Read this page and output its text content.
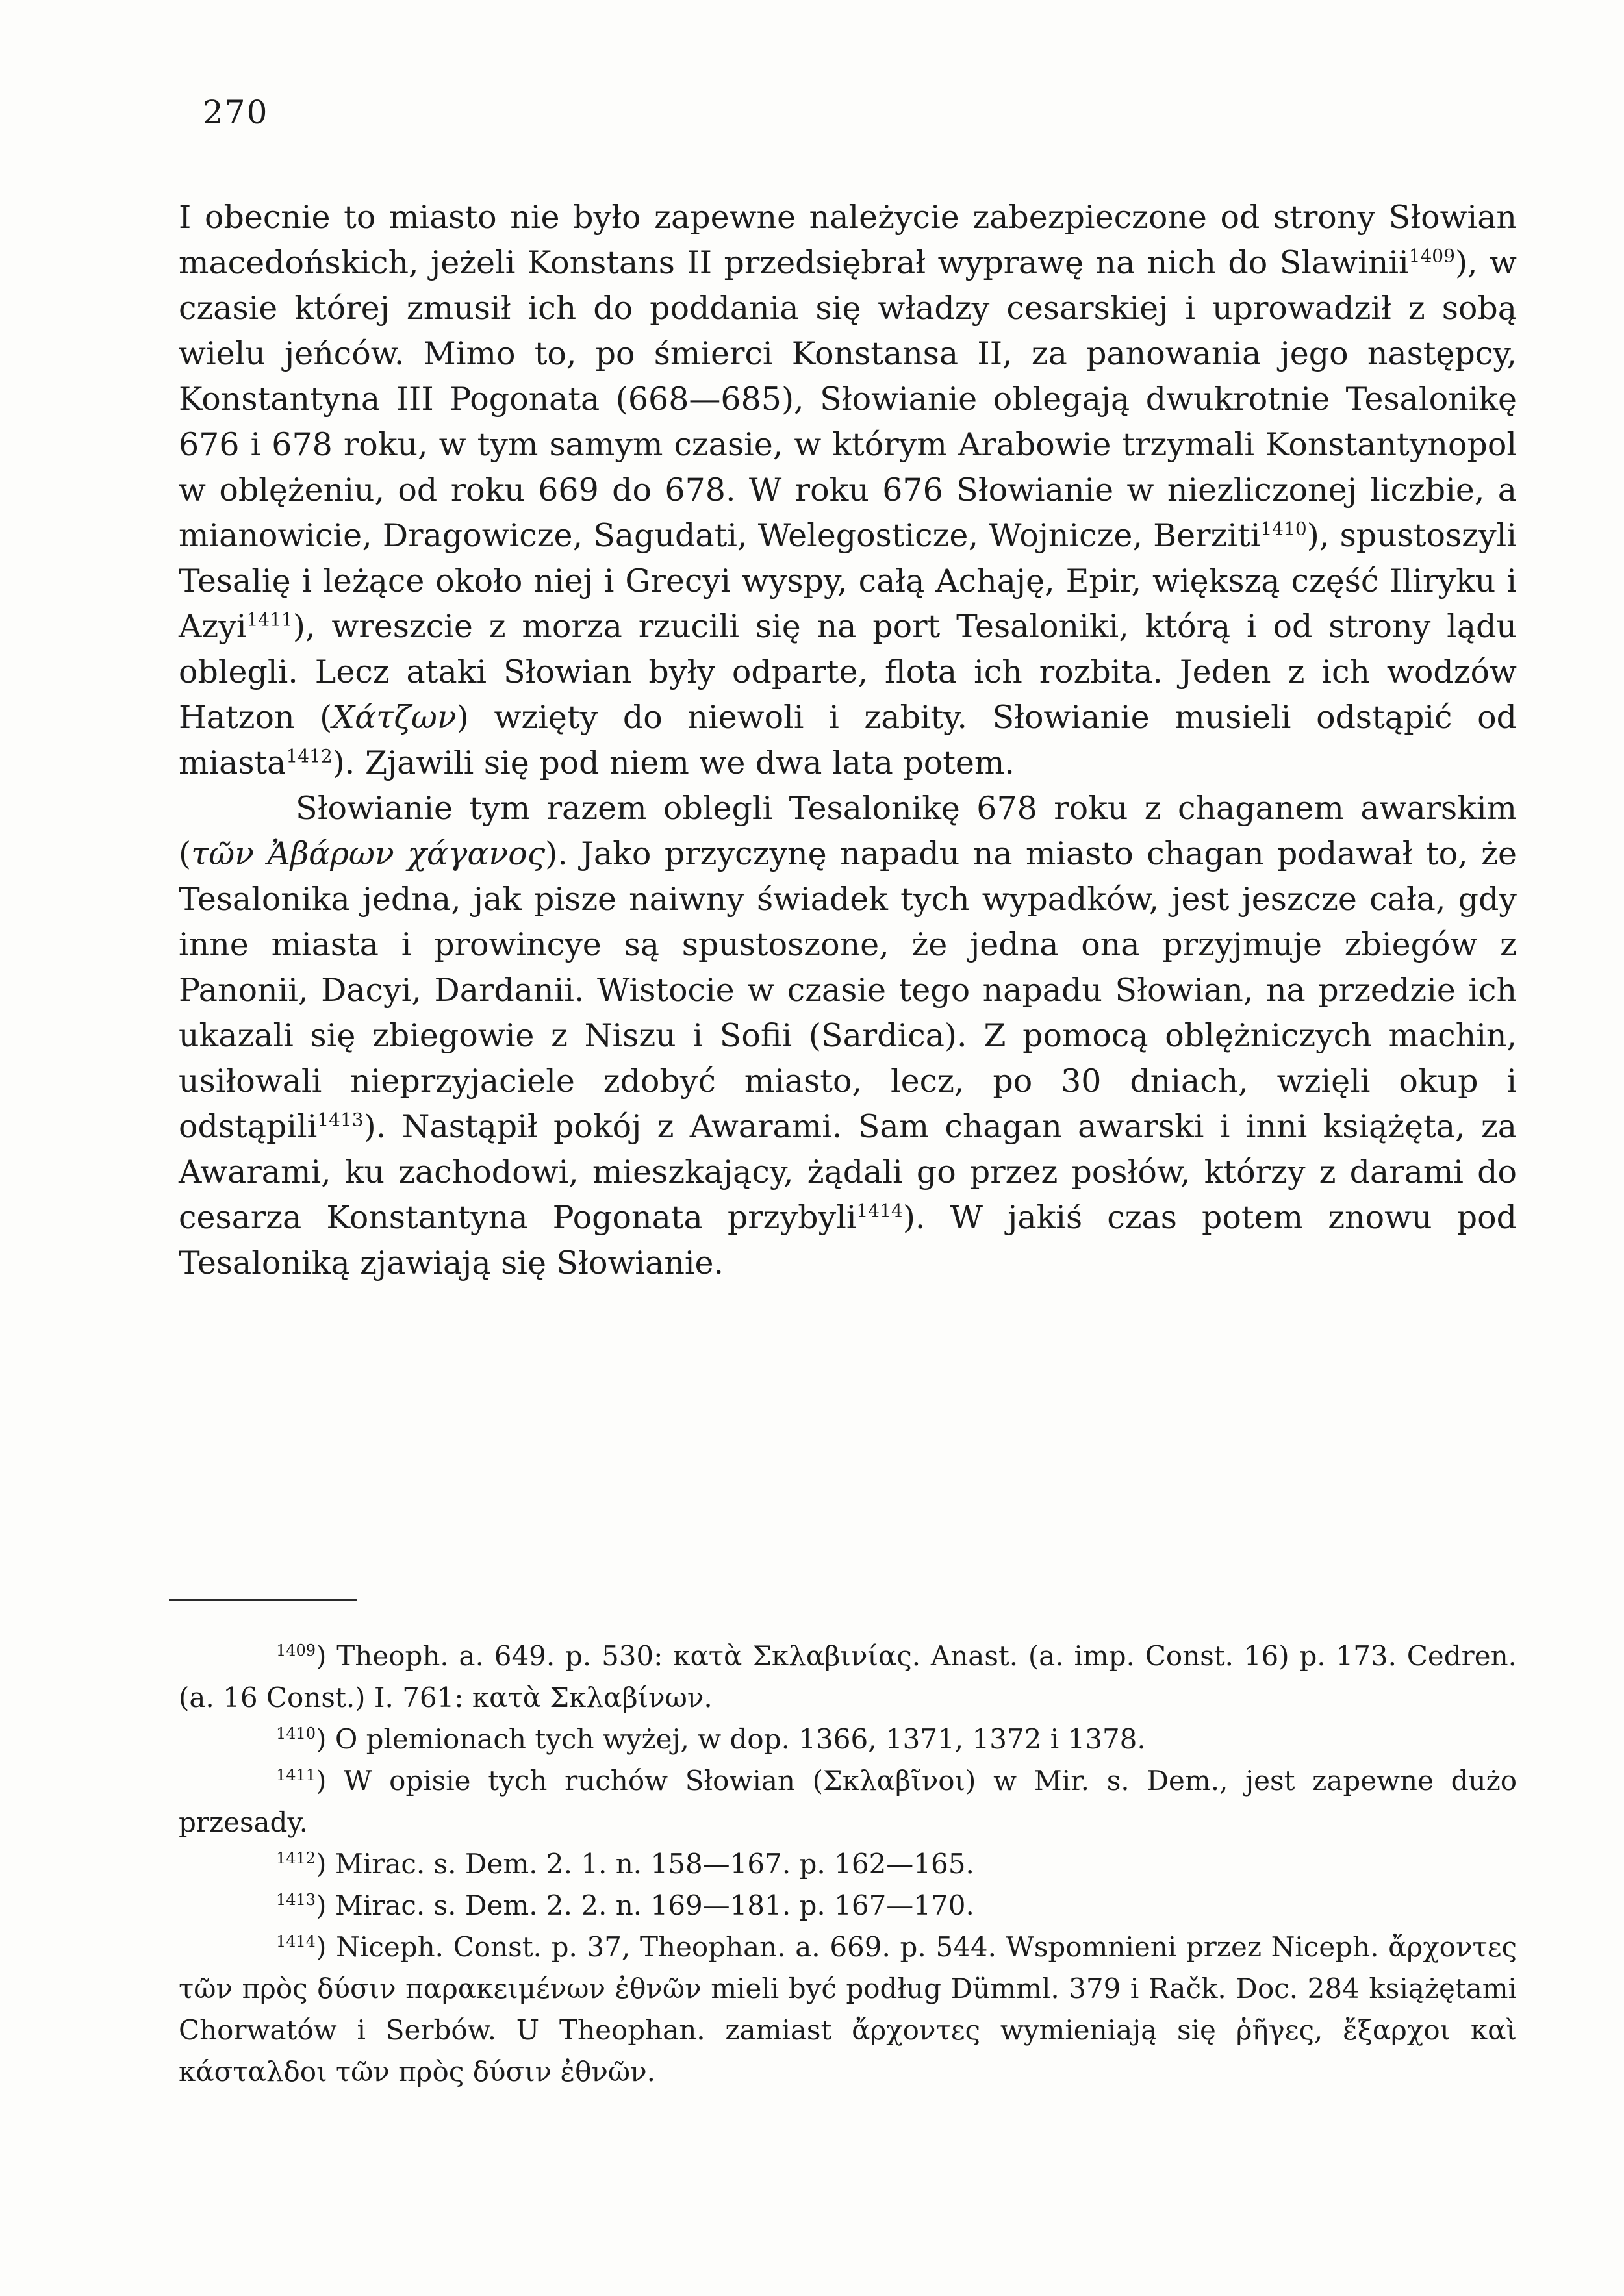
270

I obecnie to miasto nie było zapewne należycie zabezpieczone od strony Słowian macedońskich, jeżeli Konstans II przedsiębrał wyprawę na nich do Slawinii$^{1409}$), w czasie której zmusił ich do poddania się władzy cesarskiej i uprowadził z sobą wielu jeńców. Mimo to, po śmierci Konstansa II, za panowania jego następcy, Konstantyna III Pogonata (668—685), Słowianie oblegają dwukrotnie Tesalonikę 676 i 678 roku, w tym samym czasie, w którym Arabowie trzymali Konstantynopol w oblężeniu, od roku 669 do 678. W roku 676 Słowianie w niezliczonej liczbie, a mianowicie, Dragowicze, Sagudati, Welegosticze, Wojnicze, Berziti$^{1410}$), spustoszyli Tesalię i leżące około niej i Grecyi wyspy, całą Achaję, Epir, większą część Iliryku i Azyi$^{1411}$), wreszcie z morza rzucili się na port Tesaloniki, którą i od strony lądu oblegli. Lecz ataki Słowian były odparte, flota ich rozbita. Jeden z ich wodzów Hatzon (Χάτζων) wzięty do niewoli i zabity. Słowianie musieli odstąpić od miasta$^{1412}$). Zjawili się pod niem we dwa lata potem.

Słowianie tym razem oblegli Tesalonikę 678 roku z chaganem awarskim (τῶν Ἀβάρων χάγανος). Jako przyczynę napadu na miasto chagan podawał to, że Tesalonika jedna, jak pisze naiwny świadek tych wypadków, jest jeszcze cała, gdy inne miasta i prowincye są spustoszone, że jedna ona przyjmuje zbiegów z Panonii, Dacyi, Dardanii. Wistocie w czasie tego napadu Słowian, na przedzie ich ukazali się zbiegowie z Niszu i Sofii (Sardica). Z pomocą oblężniczych machin, usiłowali nieprzyjaciele zdobyć miasto, lecz, po 30 dniach, wzięli okup i odstąpili$^{1413}$). Nastąpił pokój z Awarami. Sam chagan awarski i inni książęta, za Awarami, ku zachodowi, mieszkający, żądali go przez posłów, którzy z darami do cesarza Konstantyna Pogonata przybyli$^{1414}$). W jakiś czas potem znowu pod Tesaloniką zjawiają się Słowianie.

$^{1409}$) Theoph. a. 649. p. 530: κατὰ Σκλαβινίας. Anast. (a. imp. Const. 16) p. 173. Cedren. (a. 16 Const.) I. 761: κατὰ Σκλαβίνων.

$^{1410}$) O plemionach tych wyżej, w dop. 1366, 1371, 1372 i 1378.

$^{1411}$) W opisie tych ruchów Słowian (Σκλαβῖνοι) w Mir. s. Dem., jest zapewne dużo przesady.

$^{1412}$) Mirac. s. Dem. 2. 1. n. 158—167. p. 162—165.

$^{1413}$) Mirac. s. Dem. 2. 2. n. 169—181. p. 167—170.

$^{1414}$) Niceph. Const. p. 37, Theophan. a. 669. p. 544. Wspomnieni przez Niceph. ἄρχοντες τῶν πρὸς δύσιν παρακειμένων ἐθνῶν mieli być podług Dümml. 379 i Račk. Doc. 284 książętami Chorwatów i Serbów. U Theophan. zamiast ἄρχοντες wymieniają się ῥῆγες, ἔξαρχοι καὶ κάσταλδοι τῶν πρὸς δύσιν ἐθνῶν.
